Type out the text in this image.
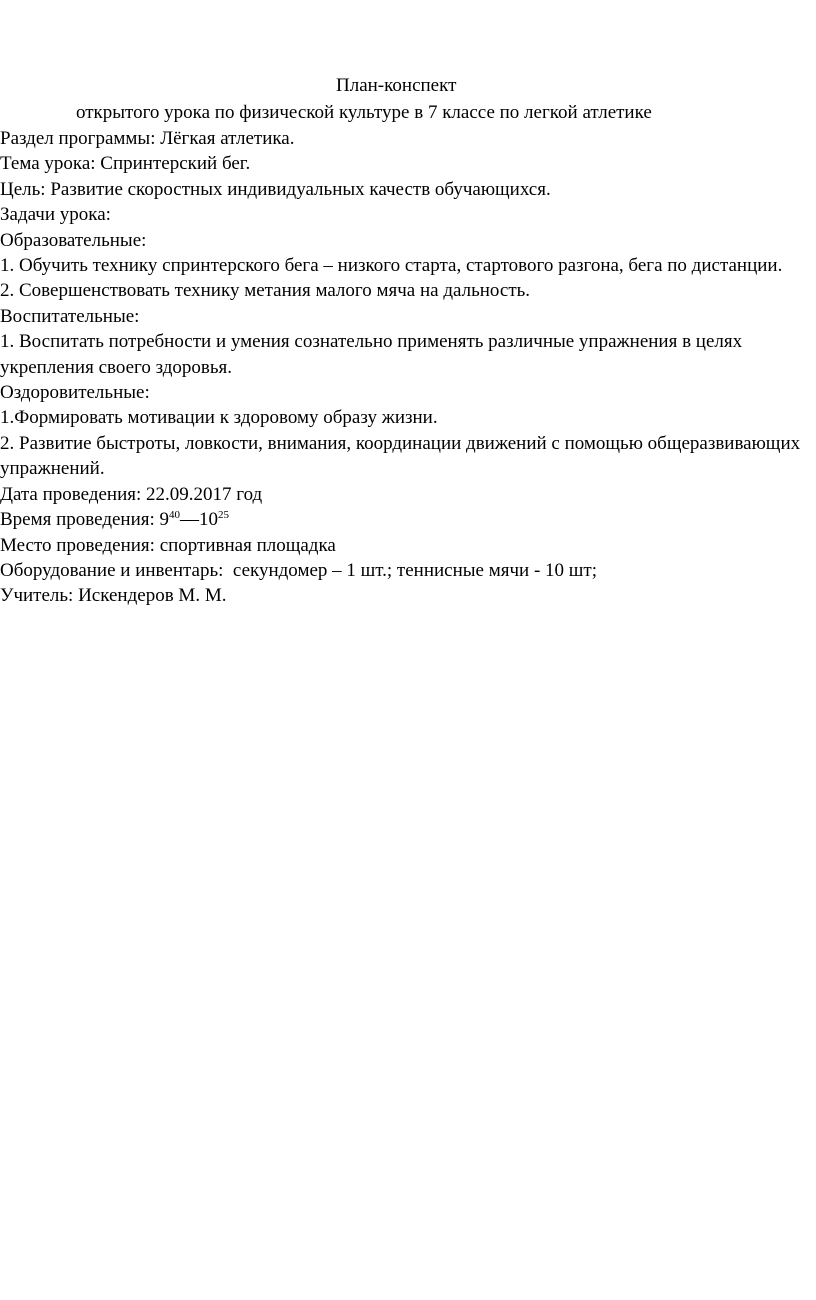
План-конспект
открытого урока по физической культуре в 7 классе по легкой атлетике

Раздел программы: Лёгкая атлетика.

Тема урока: Спринтерский бег.

Цель: Развитие скоростных индивидуальных качеств обучающихся.

Задачи урока:

Образовательные:

1. Обучить технику спринтерского бега – низкого старта, стартового разгона, бега по дистанции.

2. Совершенствовать технику метания малого мяча на дальность.

Воспитательные:

1. Воспитать потребности и умения сознательно применять различные упражнения в целях укрепления своего здоровья.

Оздоровительные:

1.Формировать мотивации к здоровому образу жизни.

2. Развитие быстроты, ловкости, внимания, координации движений с помощью общеразвивающих упражнений.

Дата проведения: 22.09.2017 год

Время проведения: $9^{40}—10^{25}$

Место проведения: спортивная площадка

Оборудование и инвентарь:  секундомер – 1 шт.; теннисные мячи - 10 шт;

Учитель: Искендеров М. М.
